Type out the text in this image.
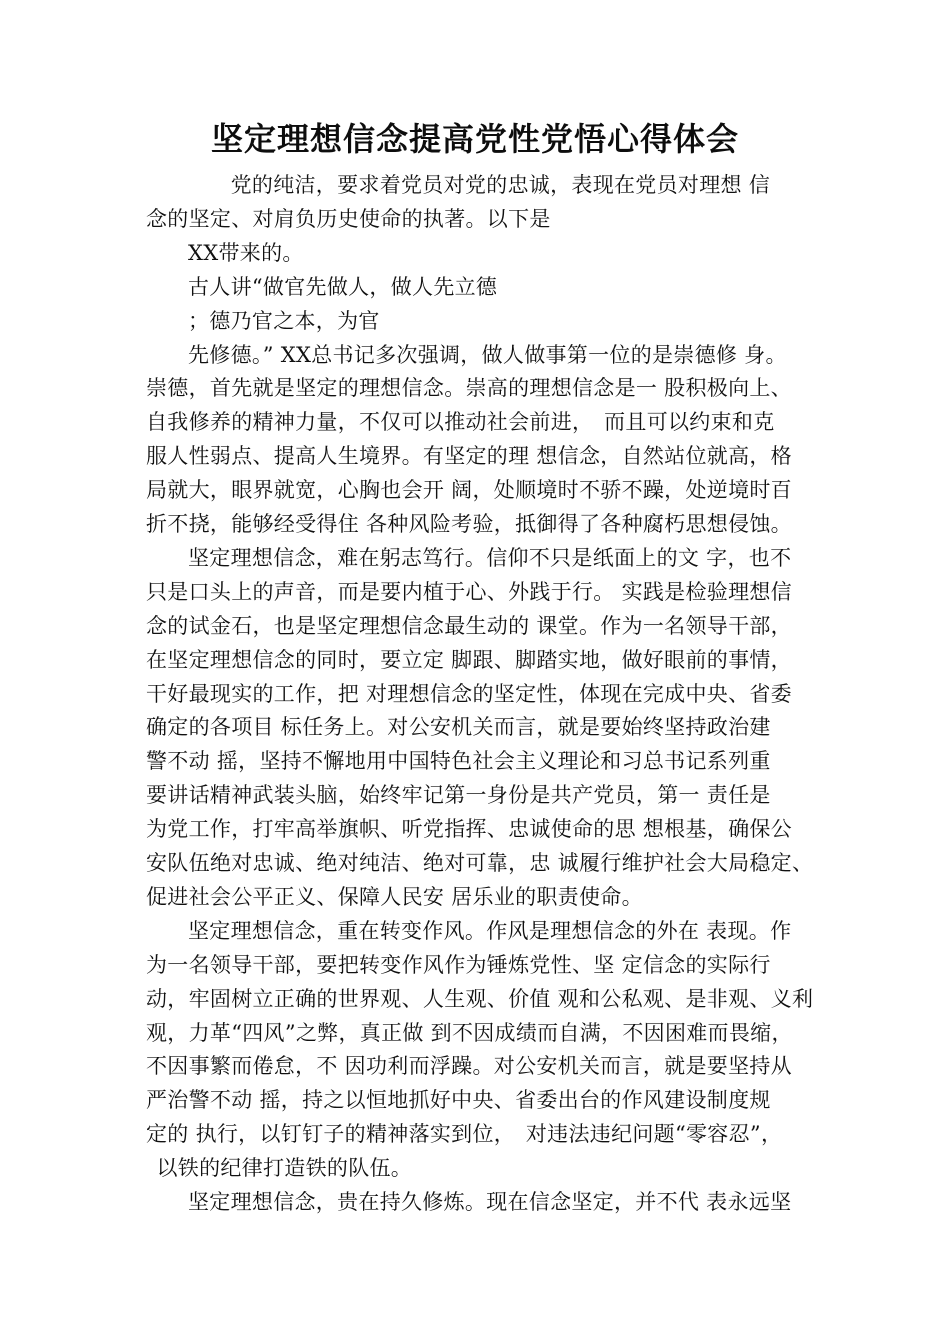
坚定理想信念提高党性党悟心得体会
　　党的纯洁，要求着党员对党的忠诚，表现在党员对理想 信
念的坚定、对肩负历史使命的执著。以下是
XX带来的。
古人讲“做官先做人，做人先立德
；德乃官之本，为官
先修德。” XX总书记多次强调，做人做事第一位的是崇德修 身。
崇德，首先就是坚定的理想信念。崇高的理想信念是一 股积极向上、
自我修养的精神力量，不仅可以推动社会前进，　而且可以约束和克
服人性弱点、提高人生境界。有坚定的理 想信念，自然站位就高，格
局就大，眼界就宽，心胸也会开 阔，处顺境时不骄不躁，处逆境时百
折不挠，能够经受得住 各种风险考验，抵御得了各种腐朽思想侵蚀。
坚定理想信念，难在躬志笃行。信仰不只是纸面上的文 字，也不
只是口头上的声音，而是要内植于心、外践于行。 实践是检验理想信
念的试金石，也是坚定理想信念最生动的 课堂。作为一名领导干部，
在坚定理想信念的同时，要立定 脚跟、脚踏实地，做好眼前的事情，
干好最现实的工作，把 对理想信念的坚定性，体现在完成中央、省委
确定的各项目 标任务上。对公安机关而言，就是要始终坚持政治建
警不动 摇，坚持不懈地用中国特色社会主义理论和习总书记系列重
要讲话精神武装头脑，始终牢记第一身份是共产党员，第一 责任是
为党工作，打牢高举旗帜、听党指挥、忠诚使命的思 想根基，确保公
安队伍绝对忠诚、绝对纯洁、绝对可靠，忠 诚履行维护社会大局稳定、
促进社会公平正义、保障人民安 居乐业的职责使命。
坚定理想信念，重在转变作风。作风是理想信念的外在 表现。作
为一名领导干部，要把转变作风作为锤炼党性、坚 定信念的实际行
动，牢固树立正确的世界观、人生观、价值 观和公私观、是非观、义利
观，力革“四风”之弊，真正做 到不因成绩而自满，不因困难而畏缩，
不因事繁而倦怠，不 因功利而浮躁。对公安机关而言，就是要坚持从
严治警不动 摇，持之以恒地抓好中央、省委出台的作风建设制度规
定的 执行，以钉钉子的精神落实到位，　对违法违纪问题“零容忍”，
以铁的纪律打造铁的队伍。
坚定理想信念，贵在持久修炼。现在信念坚定，并不代 表永远坚
